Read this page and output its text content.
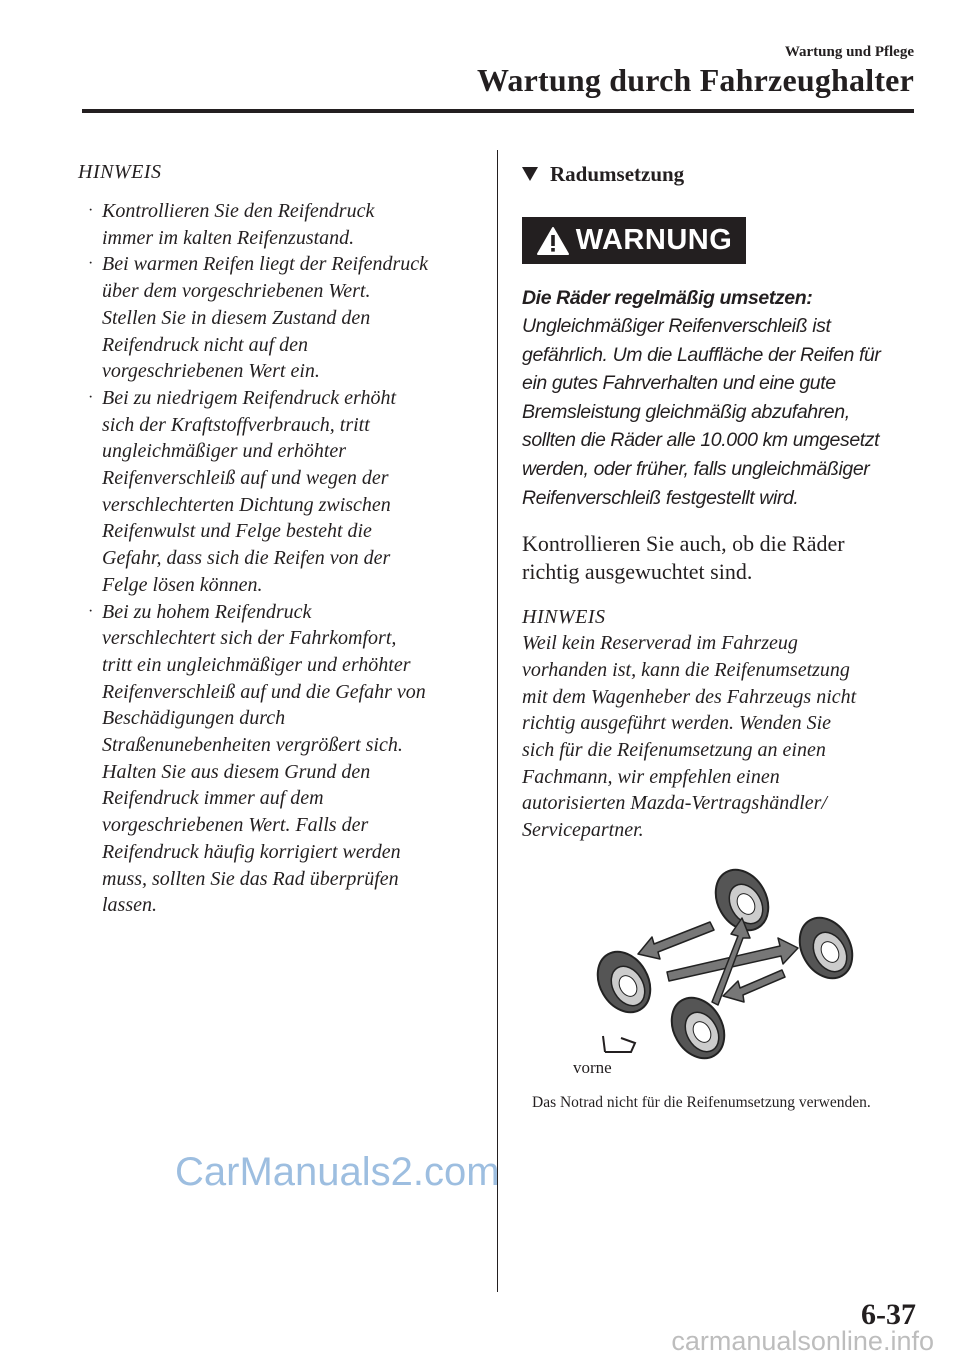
Wartung und Pflege
Wartung durch Fahrzeughalter
HINWEIS
· Kontrollieren Sie den Reifendruck
immer im kalten Reifenzustand.
· Bei warmen Reifen liegt der Reifendruck
über dem vorgeschriebenen Wert.
Stellen Sie in diesem Zustand den
Reifendruck nicht auf den
vorgeschriebenen Wert ein.
· Bei zu niedrigem Reifendruck erhöht
sich der Kraftstoffverbrauch, tritt
ungleichmäßiger und erhöhter
Reifenverschleiß auf und wegen der
verschlechterten Dichtung zwischen
Reifenwulst und Felge besteht die
Gefahr, dass sich die Reifen von der
Felge lösen können.
· Bei zu hohem Reifendruck
verschlechtert sich der Fahrkomfort,
tritt ein ungleichmäßiger und erhöhter
Reifenverschleiß auf und die Gefahr von
Beschädigungen durch
Straßenunebenheiten vergrößert sich.
Halten Sie aus diesem Grund den
Reifendruck immer auf dem
vorgeschriebenen Wert. Falls der
Reifendruck häufig korrigiert werden
muss, sollten Sie das Rad überprüfen
lassen.
Radumsetzung
WARNUNG
Die Räder regelmäßig umsetzen:
Ungleichmäßiger Reifenverschleiß ist
gefährlich. Um die Lauffläche der Reifen für
ein gutes Fahrverhalten und eine gute
Bremsleistung gleichmäßig abzufahren,
sollten die Räder alle 10.000 km umgesetzt
werden, oder früher, falls ungleichmäßiger
Reifenverschleiß festgestellt wird.
Kontrollieren Sie auch, ob die Räder
richtig ausgewuchtet sind.
HINWEIS
Weil kein Reserverad im Fahrzeug
vorhanden ist, kann die Reifenumsetzung
mit dem Wagenheber des Fahrzeugs nicht
richtig ausgeführt werden. Wenden Sie
sich für die Reifenumsetzung an einen
Fachmann, wir empfehlen einen
autorisierten Mazda-Vertragshändler/
Servicepartner.
vorne
Das Notrad nicht für die Reifenumsetzung verwenden.
CarManuals2.com
6-37
carmanualsonline.info
